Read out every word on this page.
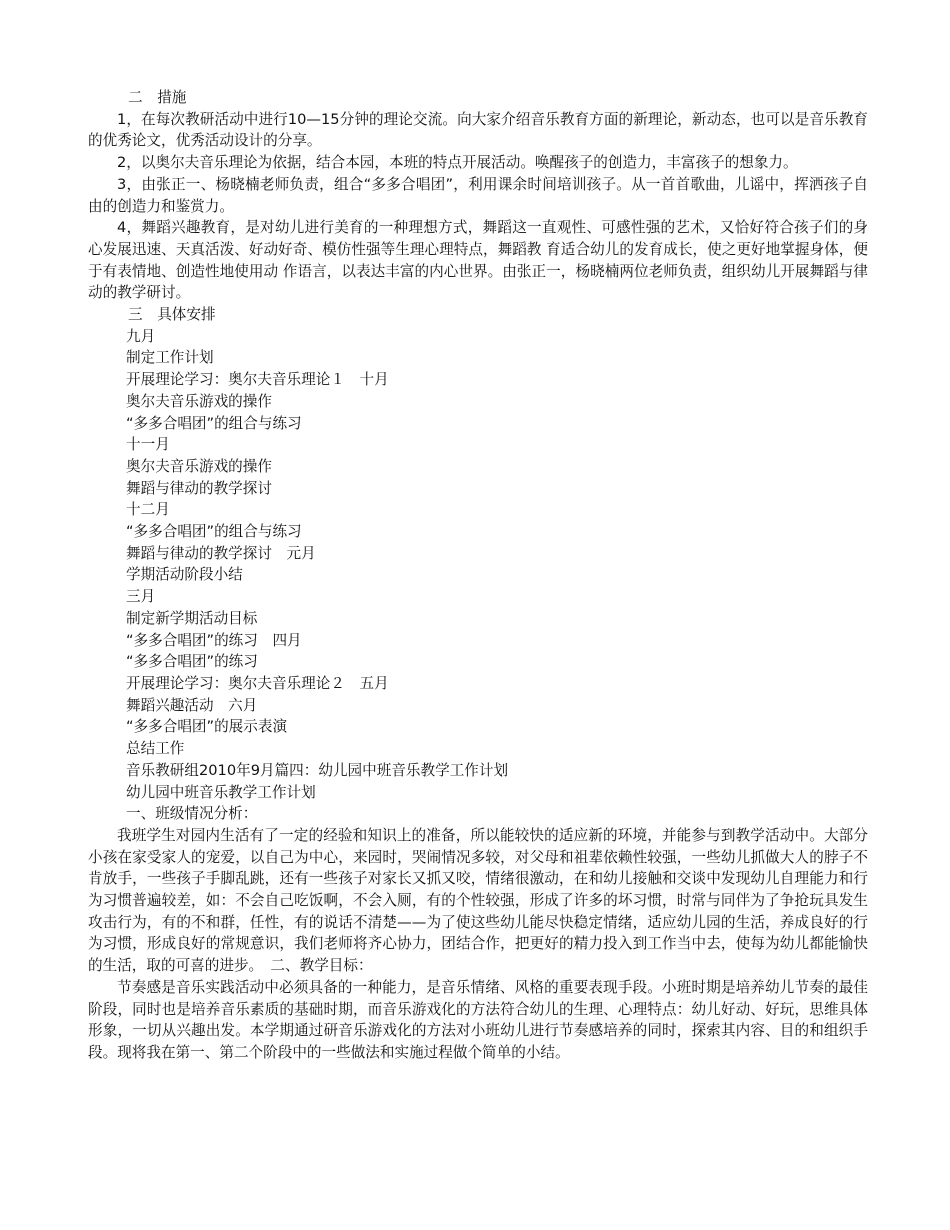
二　措施

1，在每次教研活动中进行10—15分钟的理论交流。向大家介绍音乐教育方面的新理论，新动态，也可以是音乐教育的优秀论文，优秀活动设计的分享。

2，以奥尔夫音乐理论为依据，结合本园，本班的特点开展活动。唤醒孩子的创造力，丰富孩子的想象力。

3，由张正一、杨晓楠老师负责，组合“多多合唱团”，利用课余时间培训孩子。从一首首歌曲，儿谣中，挥洒孩子自由的创造力和鉴赏力。

4，舞蹈兴趣教育，是对幼儿进行美育的一种理想方式，舞蹈这一直观性、可感性强的艺术，又恰好符合孩子们的身心发展迅速、天真活泼、好动好奇、模仿性强等生理心理特点，舞蹈教 育适合幼儿的发育成长，使之更好地掌握身体，便于有表情地、创造性地使用动 作语言，以表达丰富的内心世界。由张正一，杨晓楠两位老师负责，组织幼儿开展舞蹈与律动的教学研讨。

三　具体安排
九月
制定工作计划
开展理论学习：奥尔夫音乐理论１　十月
奥尔夫音乐游戏的操作
“多多合唱团”的组合与练习
十一月
奥尔夫音乐游戏的操作
舞蹈与律动的教学探讨
十二月
“多多合唱团”的组合与练习
舞蹈与律动的教学探讨　元月
学期活动阶段小结
三月
制定新学期活动目标
“多多合唱团”的练习　四月
“多多合唱团”的练习
开展理论学习：奥尔夫音乐理论２　五月
舞蹈兴趣活动　六月
“多多合唱团”的展示表演
总结工作
音乐教研组2010年9月篇四：幼儿园中班音乐教学工作计划
幼儿园中班音乐教学工作计划
一、班级情况分析：

我班学生对园内生活有了一定的经验和知识上的准备，所以能较快的适应新的环境，并能参与到教学活动中。大部分小孩在家受家人的宠爱，以自己为中心，来园时，哭闹情况多较，对父母和祖辈依赖性较强，一些幼儿抓做大人的脖子不肯放手，一些孩子手脚乱跳，还有一些孩子对家长又抓又咬，情绪很激动，在和幼儿接触和交谈中发现幼儿自理能力和行为习惯普遍较差，如：不会自己吃饭啊，不会入厕，有的个性较强，形成了许多的坏习惯，时常与同伴为了争抢玩具发生攻击行为，有的不和群，任性，有的说话不清楚——为了使这些幼儿能尽快稳定情绪，适应幼儿园的生活，养成良好的行为习惯，形成良好的常规意识，我们老师将齐心协力，团结合作，把更好的精力投入到工作当中去，使每为幼儿都能愉快的生活，取的可喜的进步。　二、教学目标：

节奏感是音乐实践活动中必须具备的一种能力，是音乐情绪、风格的重要表现手段。小班时期是培养幼儿节奏的最佳阶段，同时也是培养音乐素质的基础时期，而音乐游戏化的方法符合幼儿的生理、心理特点：幼儿好动、好玩，思维具体形象，一切从兴趣出发。本学期通过研音乐游戏化的方法对小班幼儿进行节奏感培养的同时，探索其内容、目的和组织手段。现将我在第一、第二个阶段中的一些做法和实施过程做个简单的小结。
